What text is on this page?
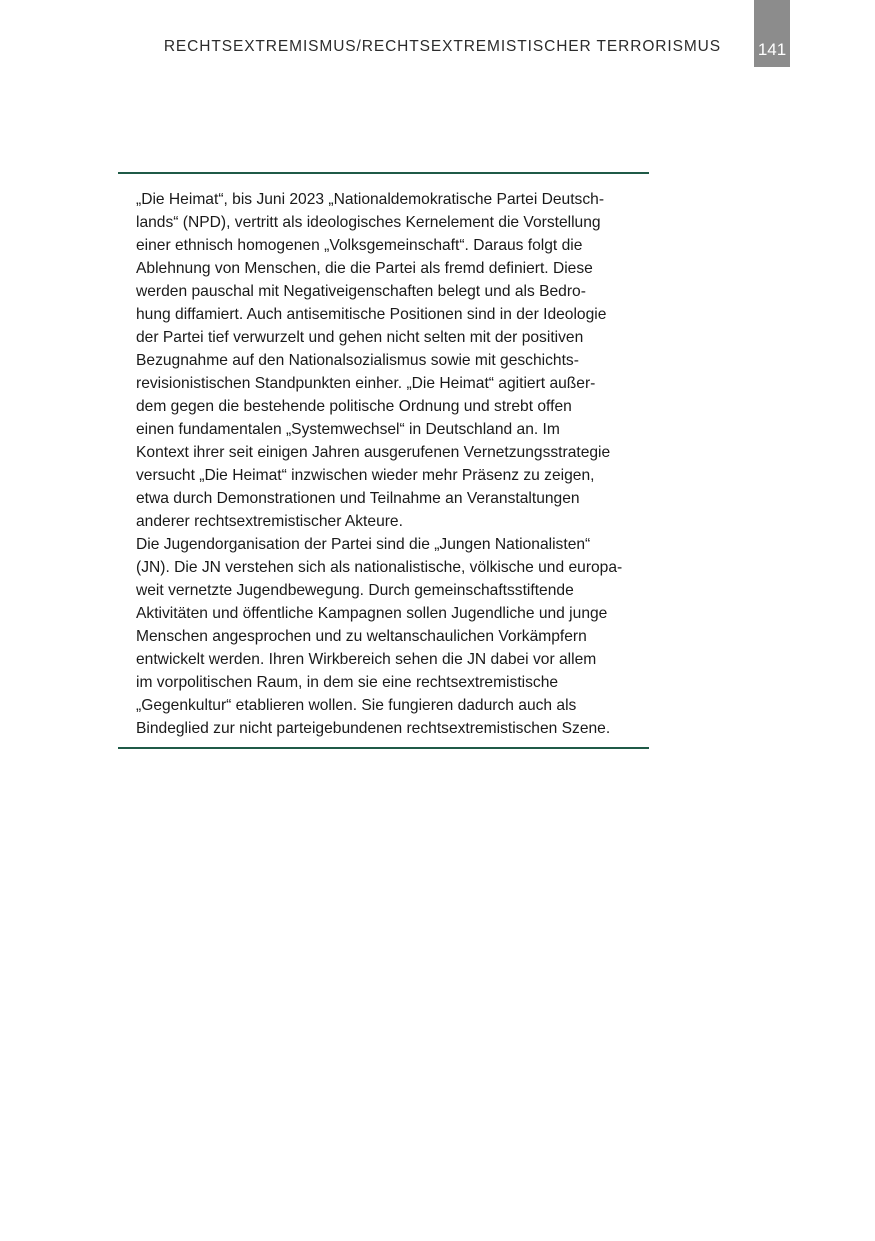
RECHTSEXTREMISMUS/RECHTSEXTREMISTISCHER TERRORISMUS 141

„Die Heimat“, bis Juni 2023 „Nationaldemokratische Partei Deutsch-
lands“ (NPD), vertritt als ideologisches Kernelement die Vorstellung
einer ethnisch homogenen „Volksgemeinschaft“. Daraus folgt die
Ablehnung von Menschen, die die Partei als fremd definiert. Diese
werden pauschal mit Negativeigenschaften belegt und als Bedro-
hung diffamiert. Auch antisemitische Positionen sind in der Ideologie
der Partei tief verwurzelt und gehen nicht selten mit der positiven
Bezugnahme auf den Nationalsozialismus sowie mit geschichts-
revisionistischen Standpunkten einher. „Die Heimat“ agitiert außer-
dem gegen die bestehende politische Ordnung und strebt offen
einen fundamentalen „Systemwechsel“ in Deutschland an. Im
Kontext ihrer seit einigen Jahren ausgerufenen Vernetzungsstrategie
versucht „Die Heimat“ inzwischen wieder mehr Präsenz zu zeigen,
etwa durch Demonstrationen und Teilnahme an Veranstaltungen
anderer rechtsextremistischer Akteure.
Die Jugendorganisation der Partei sind die „Jungen Nationalisten“
(JN). Die JN verstehen sich als nationalistische, völkische und europa-
weit vernetzte Jugendbewegung. Durch gemeinschaftsstiftende
Aktivitäten und öffentliche Kampagnen sollen Jugendliche und junge
Menschen angesprochen und zu weltanschaulichen Vorkämpfern
entwickelt werden. Ihren Wirkbereich sehen die JN dabei vor allem
im vorpolitischen Raum, in dem sie eine rechtsextremistische
„Gegenkultur“ etablieren wollen. Sie fungieren dadurch auch als
Bindeglied zur nicht parteigebundenen rechtsextremistischen Szene.
